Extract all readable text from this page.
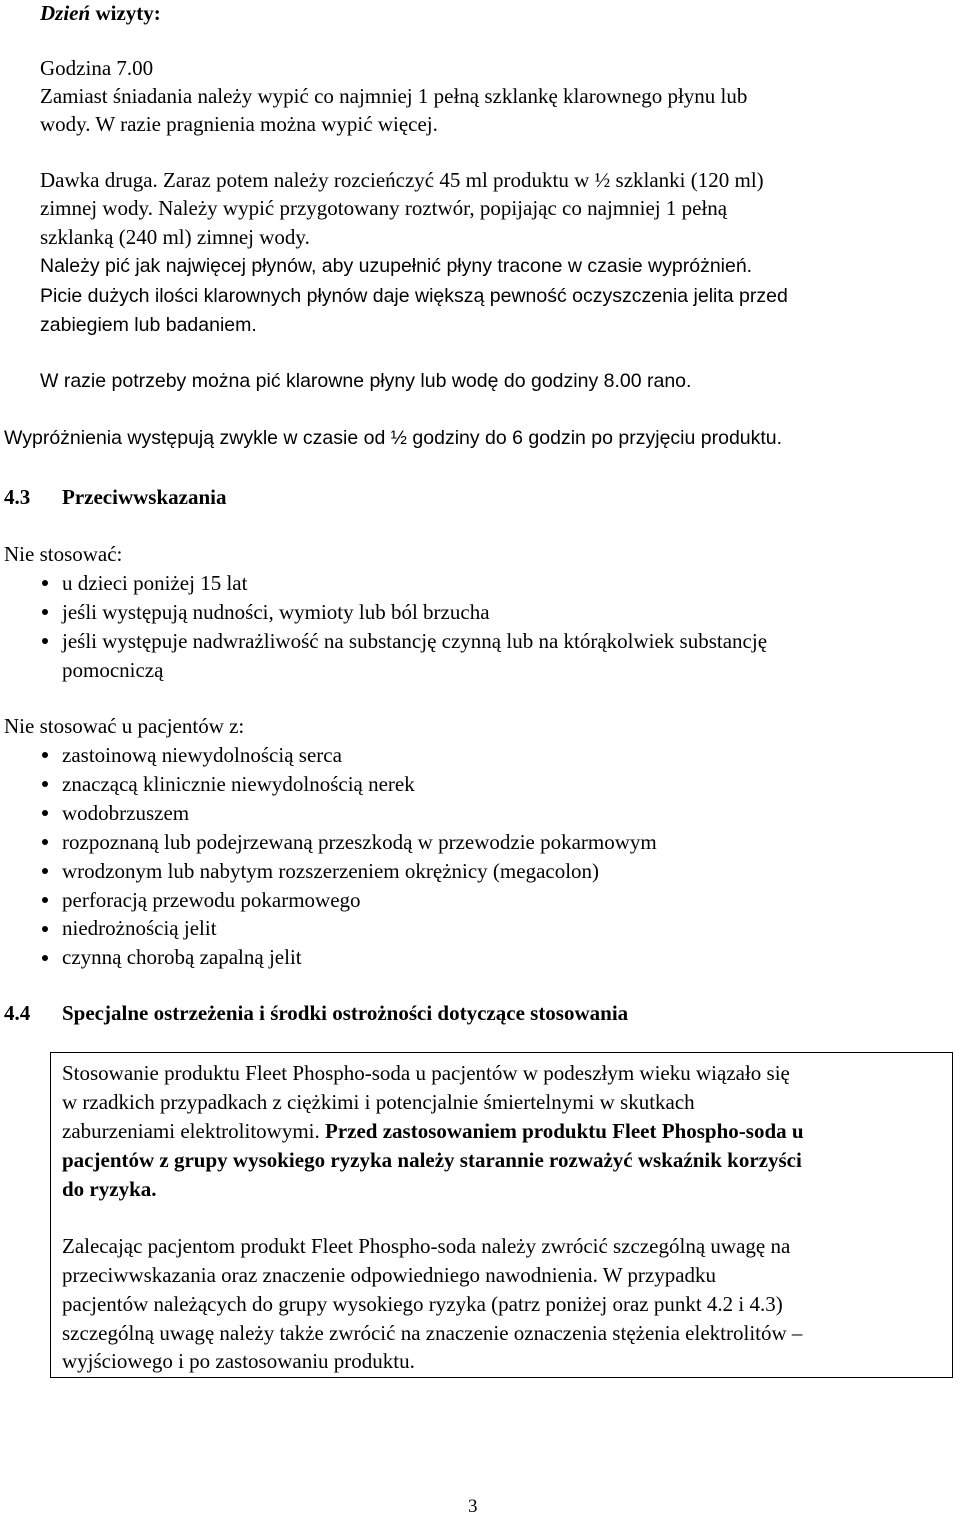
Dzień wizyty:

Godzina 7.00

Zamiast śniadania należy wypić co najmniej 1 pełną szklankę klarownego płynu lub

wody. W razie pragnienia można wypić więcej.

Dawka druga. Zaraz potem należy rozcieńczyć 45 ml produktu w ½ szklanki (120 ml)

zimnej wody. Należy wypić przygotowany roztwór, popijając co najmniej 1 pełną

szklanką (240 ml) zimnej wody.

Należy pić jak najwięcej płynów, aby uzupełnić płyny tracone w czasie wypróżnień.

Picie dużych ilości klarownych płynów daje większą pewność oczyszczenia jelita przed

zabiegiem lub badaniem.

W razie potrzeby można pić klarowne płyny lub wodę do godziny 8.00 rano.

Wypróżnienia występują zwykle w czasie od ½ godziny do 6 godzin po przyjęciu produktu.

4.3 Przeciwwskazania

Nie stosować:

u dzieci poniżej 15 lat

jeśli występują nudności, wymioty lub ból brzucha

jeśli występuje nadwrażliwość na substancję czynną lub na którąkolwiek substancję

pomocniczą

Nie stosować u pacjentów z:

zastoinową niewydolnością serca

znaczącą klinicznie niewydolnością nerek

wodobrzuszem

rozpoznaną lub podejrzewaną przeszkodą w przewodzie pokarmowym

wrodzonym lub nabytym rozszerzeniem okrężnicy (megacolon)

perforacją przewodu pokarmowego

niedrożnością jelit

czynną chorobą zapalną jelit

4.4 Specjalne ostrzeżenia i środki ostrożności dotyczące stosowania

Stosowanie produktu Fleet Phospho-soda u pacjentów w podeszłym wieku wiązało się

w rzadkich przypadkach z ciężkimi i potencjalnie śmiertelnymi w skutkach

zaburzeniami elektrolitowymi. Przed zastosowaniem produktu Fleet Phospho-soda u

pacjentów z grupy wysokiego ryzyka należy starannie rozważyć wskaźnik korzyści

do ryzyka.

Zalecając pacjentom produkt Fleet Phospho-soda należy zwrócić szczególną uwagę na

przeciwwskazania oraz znaczenie odpowiedniego nawodnienia. W przypadku

pacjentów należących do grupy wysokiego ryzyka (patrz poniżej oraz punkt 4.2 i 4.3)

szczególną uwagę należy także zwrócić na znaczenie oznaczenia stężenia elektrolitów –

wyjściowego i po zastosowaniu produktu.

3
